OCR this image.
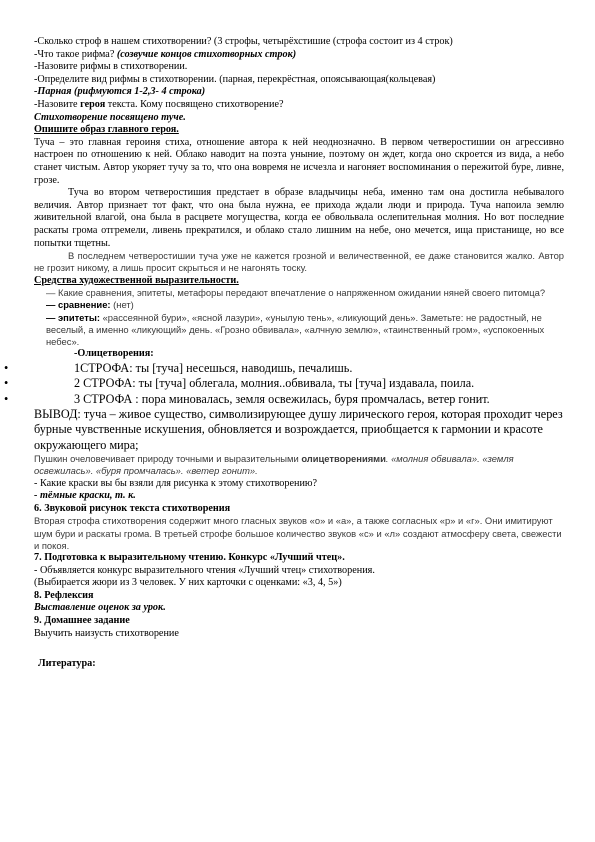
-Сколько строф в нашем стихотворении? (3 строфы, четырёхстишие (строфа состоит из 4 строк)
-Что такое рифма? (созвучие концов стихотворных строк)
-Назовите рифмы в стихотворении.
-Определите вид рифмы в стихотворении. (парная, перекрёстная, опоясывающая(кольцевая)
-Парная (рифмуются 1-2,3- 4 строка)
-Назовите героя текста. Кому посвящено стихотворение?
Стихотворение посвящено туче.
Опишите образ главного героя.
Туча – это главная героиня стиха, отношение автора к ней неоднозначно. В первом четверостишии он агрессивно настроен по отношению к ней. Облако наводит на поэта уныние, поэтому он ждет, когда оно скроется из вида, а небо станет чистым. Автор укоряет тучу за то, что она вовремя не исчезла и нагоняет воспоминания о пережитой буре, ливне, грозе.
Туча во втором четверостишия предстает в образе владычицы неба, именно там она достигла небывалого величия. Автор признает тот факт, что она была нужна, ее прихода ждали люди и природа. Туча напоила землю живительной влагой, она была в расцвете могущества, когда ее обвольвала ослепительная молния. Но вот последние раскаты грома отгремели, ливень прекратился, и облако стало лишним на небе, оно мечется, ища пристанище, но все попытки тщетны.
В последнем четверостишии туча уже не кажется грозной и величественной, ее даже становится жалко. Автор не грозит никому, а лишь просит скрыться и не нагонять тоску.
Средства художественной выразительности.
— Какие сравнения, эпитеты, метафоры передают впечатление о напряженном ожидании няней своего питомца?
— сравнение: (нет)
— эпитеты: «рассеянной бури», «ясной лазури», «унылую тень», «ликующий день». Заметьте: не радостный, не веселый, а именно «ликующий» день. «Грозно обвивала», «алчную землю», «таинственный гром», «успокоенных небес».
-Олицетворения:
•	1СТРОФА: ты [туча] несешься, наводишь, печалишь.
•	2 СТРОФА: ты [туча] облегала, молния..обвивала, ты [туча] издавала, поила.
•	3 СТРОФА : пора миновалась, земля освежилась, буря промчалась, ветер гонит.
ВЫВОД: туча – живое существо, символизирующее душу лирического героя, которая проходит через бурные чувственные искушения, обновляется и возрождается, приобщается к гармонии и красоте окружающего мира;
Пушкин очеловечивает природу точными и выразительными олицетворениями. «молния обвивала». «земля освежилась». «буря промчалась». «ветер гонит».
- Какие краски вы бы взяли для рисунка к этому стихотворению?
- тёмные краски, т. к.
6. Звуковой рисунок текста стихотворения
Вторая строфа стихотворения содержит много гласных звуков «о» и «а», а также согласных «р» и «г». Они имитируют шум бури и раскаты грома. В третьей строфе большое количество звуков «с» и «л» создают атмосферу света, свежести и покоя.
7. Подготовка к выразительному чтению. Конкурс «Лучший чтец».
- Объявляется конкурс выразительного чтения «Лучший чтец» стихотворения.
(Выбирается жюри из 3 человек. У них карточки с оценками: «3, 4, 5»)
8. Рефлексия
Выставление оценок за урок.
9. Домашнее задание
Выучить наизусть стихотворение
Литература:
